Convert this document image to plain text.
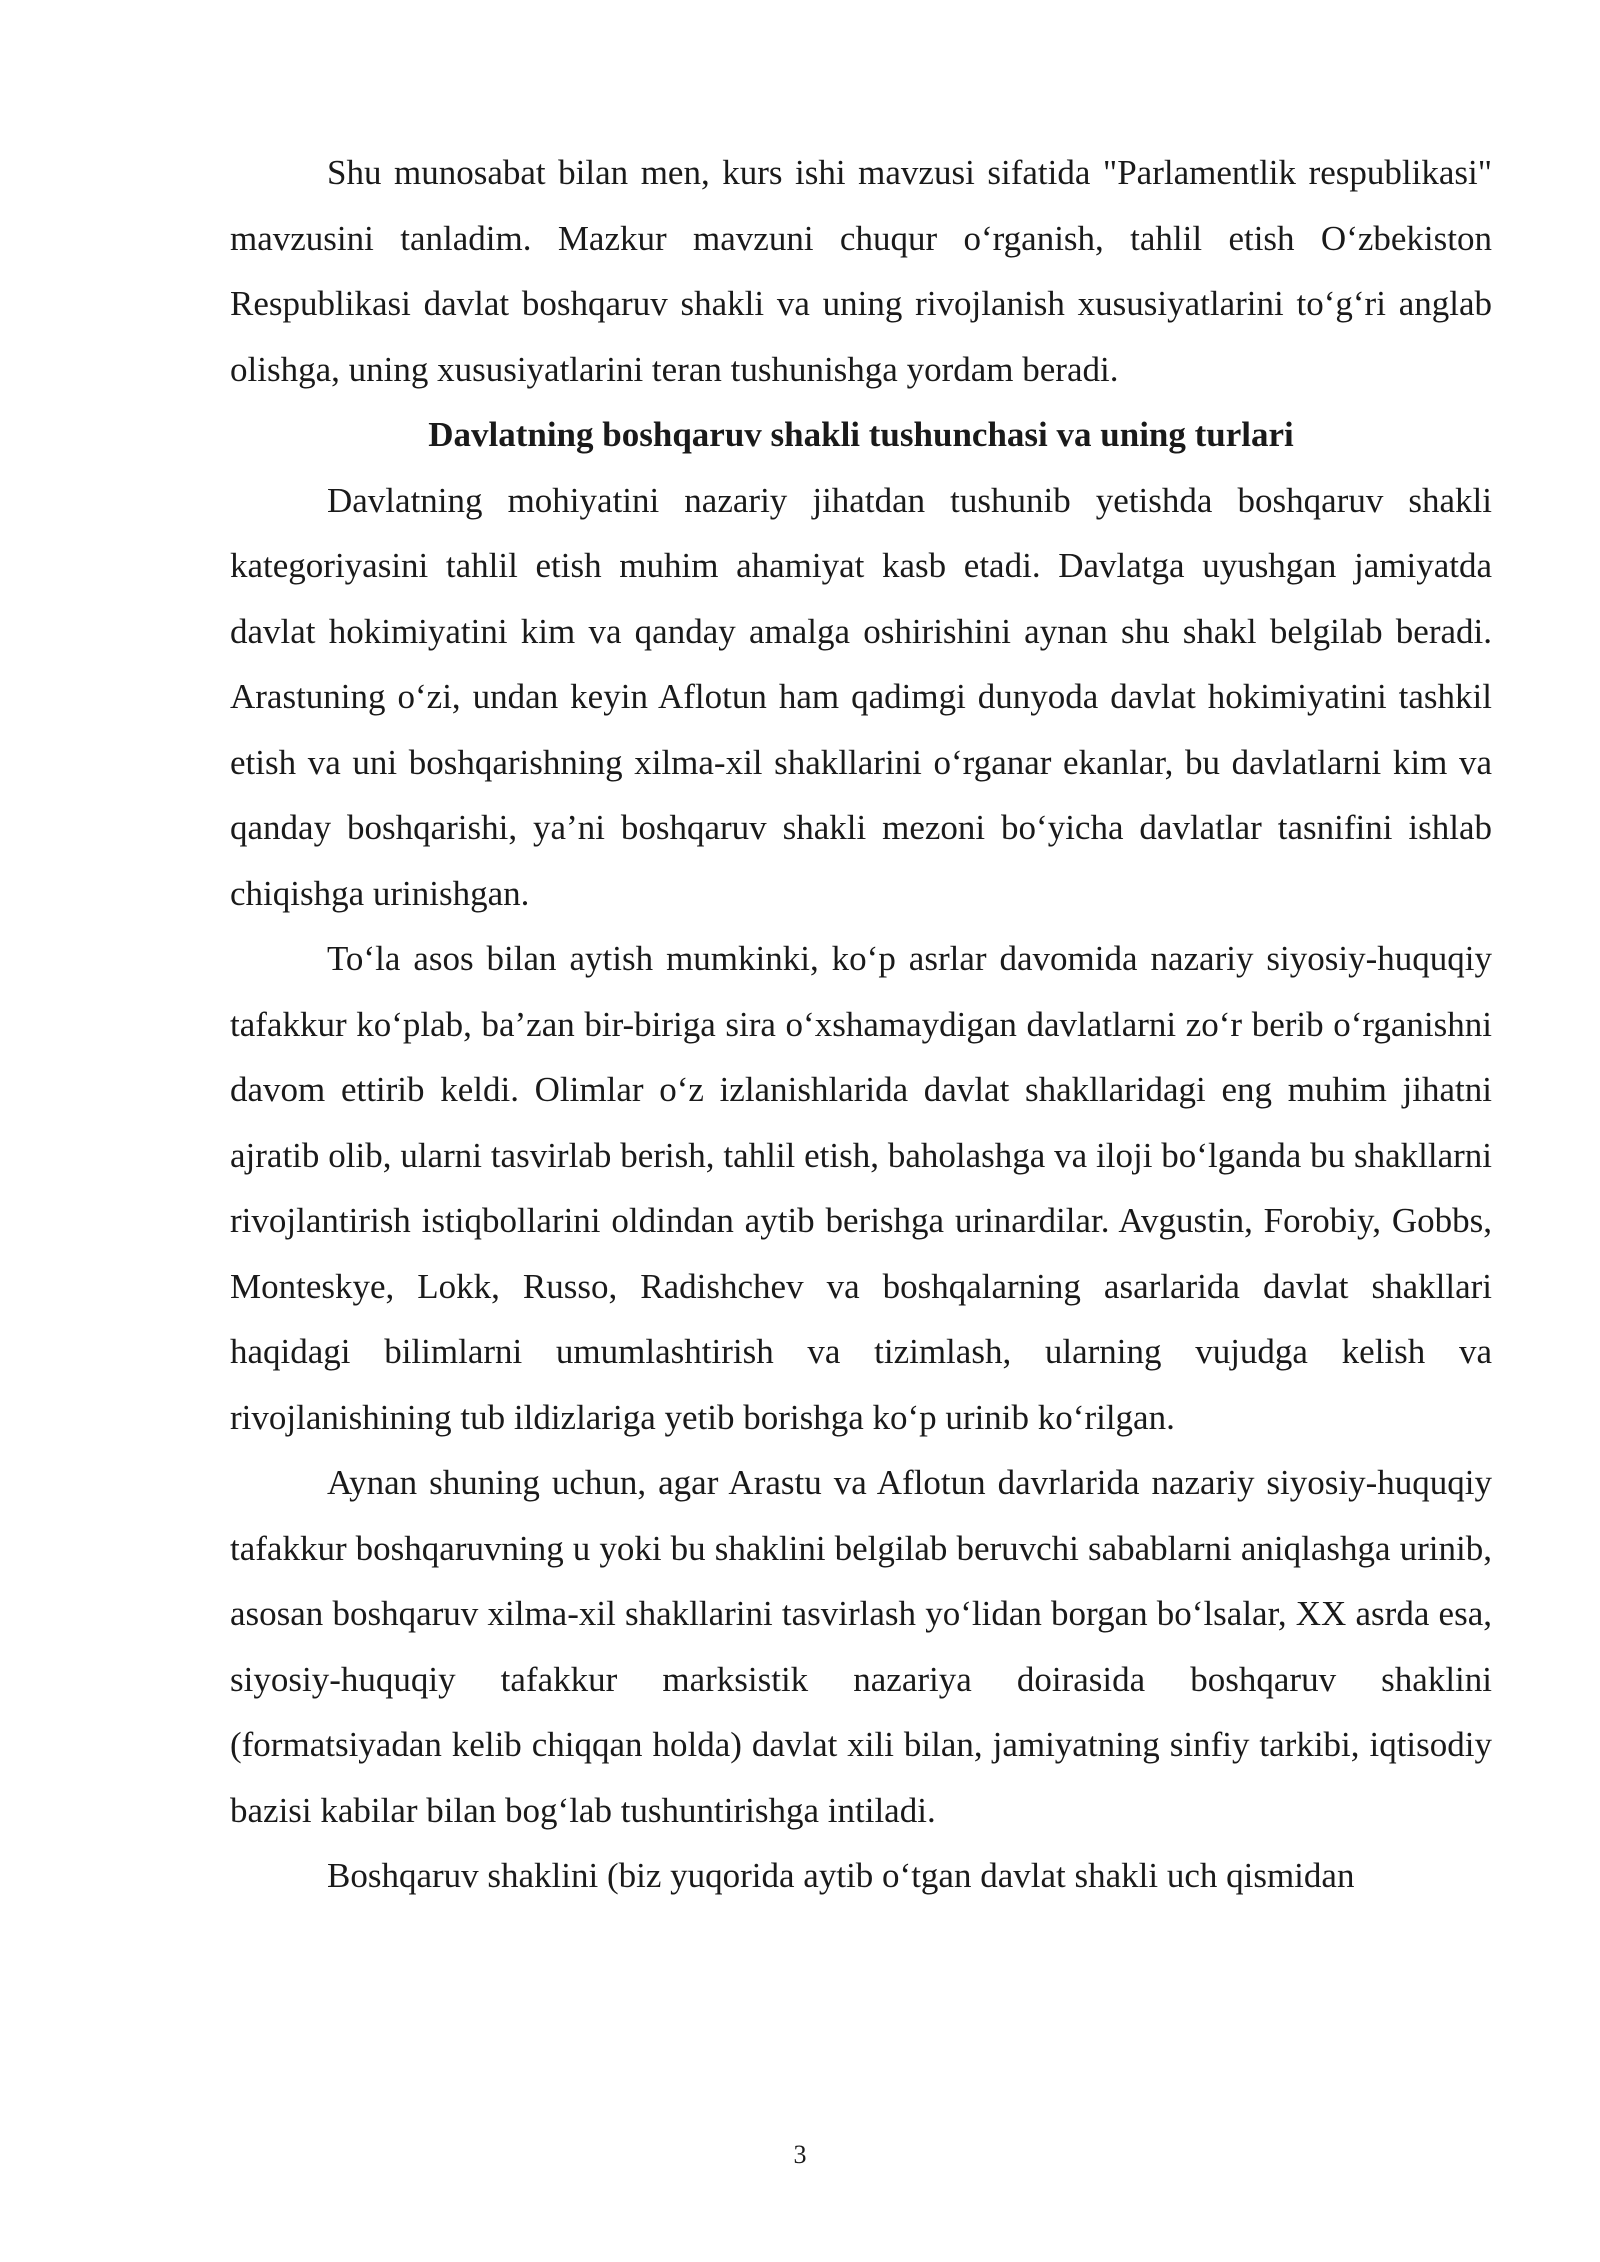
Shu munosabat bilan men, kurs ishi mavzusi sifatida "Parlamentlik respublikasi" mavzusini tanladim. Mazkur mavzuni chuqur o‘rganish, tahlil etish O‘zbekiston Respublikasi davlat boshqaruv shakli va uning rivojlanish xususiyatlarini to‘g‘ri anglab olishga, uning xususiyatlarini teran tushunishga yordam beradi.

Davlatning boshqaruv shakli tushunchasi va uning turlari

Davlatning mohiyatini nazariy jihatdan tushunib yetishda boshqaruv shakli kategoriyasini tahlil etish muhim ahamiyat kasb etadi. Davlatga uyushgan jamiyatda davlat hokimiyatini kim va qanday amalga oshirishini aynan shu shakl belgilab beradi. Arastuning o‘zi, undan keyin Aflotun ham qadimgi dunyoda davlat hokimiyatini tashkil etish va uni boshqarishning xilma-xil shakllarini o‘rganar ekanlar, bu davlatlarni kim va qanday boshqarishi, ya’ni boshqaruv shakli mezoni bo‘yicha davlatlar tasnifini ishlab chiqishga urinishgan.

To‘la asos bilan aytish mumkinki, ko‘p asrlar davomida nazariy siyosiy-huquqiy tafakkur ko‘plab, ba’zan bir-biriga sira o‘xshamaydigan davlatlarni zo‘r berib o‘rganishni davom ettirib keldi. Olimlar o‘z izlanishlarida davlat shakllaridagi eng muhim jihatni ajratib olib, ularni tasvirlab berish, tahlil etish, baholashga va iloji bo‘lganda bu shakllarni rivojlantirish istiqbollarini oldindan aytib berishga urinardilar. Avgustin, Forobiy, Gobbs, Monteskye, Lokk, Russo, Radishchev va boshqalarning asarlarida davlat shakllari haqidagi bilimlarni umumlashtirish va tizimlash, ularning vujudga kelish va rivojlanishining tub ildizlariga yetib borishga ko‘p urinib ko‘rilgan.

Aynan shuning uchun, agar Arastu va Aflotun davrlarida nazariy siyosiy-huquqiy tafakkur boshqaruvning u yoki bu shaklini belgilab beruvchi sabablarni aniqlashga urinib, asosan boshqaruv xilma-xil shakllarini tasvirlash yo‘lidan borgan bo‘lsalar, XX asrda esa, siyosiy-huquqiy tafakkur marksistik nazariya doirasida boshqaruv shaklini (formatsiyadan kelib chiqqan holda) davlat xili bilan, jamiyatning sinfiy tarkibi, iqtisodiy bazisi kabilar bilan bog‘lab tushuntirishga intiladi.

Boshqaruv shaklini (biz yuqorida aytib o‘tgan davlat shakli uch qismidan

3
